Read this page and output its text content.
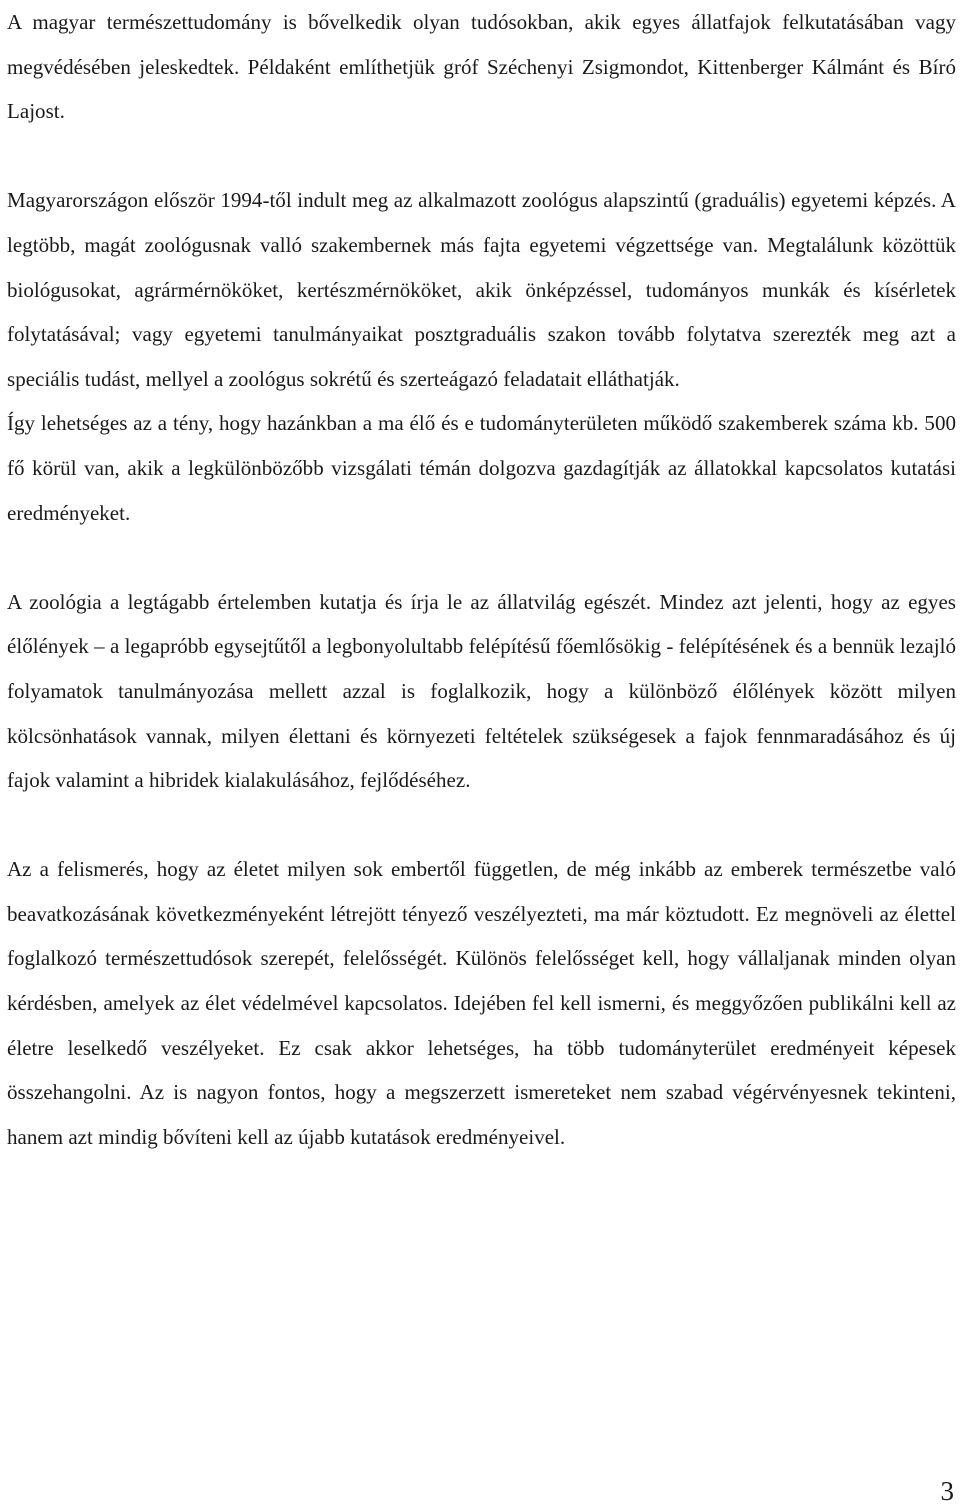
A magyar természettudomány is bővelkedik olyan tudósokban, akik egyes állatfajok felkutatásában vagy megvédésében jeleskedtek. Példaként említhetjük gróf Széchenyi Zsigmondot, Kittenberger Kálmánt és Bíró Lajost.

Magyarországon először 1994-től indult meg az alkalmazott zoológus alapszintű (graduális) egyetemi képzés. A legtöbb, magát zoológusnak valló szakembernek más fajta egyetemi végzettsége van. Megtalálunk közöttük biológusokat, agrármérnököket, kertészmérnököket, akik önképzéssel, tudományos munkák és kísérletek folytatásával; vagy egyetemi tanulmányaikat posztgraduális szakon tovább folytatva szerezték meg azt a speciális tudást, mellyel a zoológus sokrétű és szerteágazó feladatait elláthatják.

Így lehetséges az a tény, hogy hazánkban a ma élő és e tudományterületen működő szakemberek száma kb. 500 fő körül van, akik a legkülönbözőbb vizsgálati témán dolgozva gazdagítják az állatokkal kapcsolatos kutatási eredményeket.

A zoológia a legtágabb értelemben kutatja és írja le az állatvilág egészét. Mindez azt jelenti, hogy az egyes élőlények – a legapróbb egysejtűtől a legbonyolultabb felépítésű főemlősökig - felépítésének és a bennük lezajló folyamatok tanulmányozása mellett azzal is foglalkozik, hogy a különböző élőlények között milyen kölcsönhatások vannak, milyen élettani és környezeti feltételek szükségesek a fajok fennmaradásához és új fajok valamint a hibridek kialakulásához, fejlődéséhez.

Az a felismerés, hogy az életet milyen sok embertől független, de még inkább az emberek természetbe való beavatkozásának következményeként létrejött tényező veszélyezteti, ma már köztudott. Ez megnöveli az élettel foglalkozó természettudósok szerepét, felelősségét. Különös felelősséget kell, hogy vállaljanak minden olyan kérdésben, amelyek az élet védelmével kapcsolatos. Idejében fel kell ismerni, és meggyőzően publikálni kell az életre leselkedő veszélyeket. Ez csak akkor lehetséges, ha több tudományterület eredményeit képesek összehangolni. Az is nagyon fontos, hogy a megszerzett ismereteket nem szabad végérvényesnek tekinteni, hanem azt mindig bővíteni kell az újabb kutatások eredményeivel.

3
